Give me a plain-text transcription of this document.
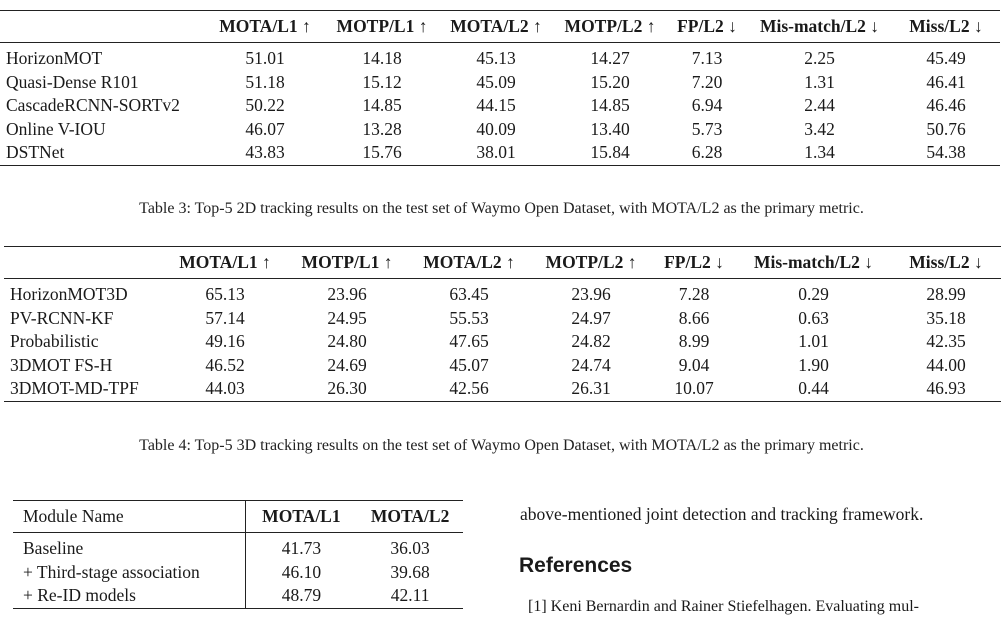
	MOTA/L1 ↑	MOTP/L1 ↑	MOTA/L2 ↑	MOTP/L2 ↑	FP/L2 ↓	Mis-match/L2 ↓	Miss/L2 ↓
HorizonMOT	51.01	14.18	45.13	14.27	7.13	2.25	45.49
Quasi-Dense R101	51.18	15.12	45.09	15.20	7.20	1.31	46.41
CascadeRCNN-SORTv2	50.22	14.85	44.15	14.85	6.94	2.44	46.46
Online V-IOU	46.07	13.28	40.09	13.40	5.73	3.42	50.76
DSTNet	43.83	15.76	38.01	15.84	6.28	1.34	54.38
Table 3: Top-5 2D tracking results on the test set of Waymo Open Dataset, with MOTA/L2 as the primary metric.
	MOTA/L1 ↑	MOTP/L1 ↑	MOTA/L2 ↑	MOTP/L2 ↑	FP/L2 ↓	Mis-match/L2 ↓	Miss/L2 ↓
HorizonMOT3D	65.13	23.96	63.45	23.96	7.28	0.29	28.99
PV-RCNN-KF	57.14	24.95	55.53	24.97	8.66	0.63	35.18
Probabilistic	49.16	24.80	47.65	24.82	8.99	1.01	42.35
3DMOT FS-H	46.52	24.69	45.07	24.74	9.04	1.90	44.00
3DMOT-MD-TPF	44.03	26.30	42.56	26.31	10.07	0.44	46.93
Table 4: Top-5 3D tracking results on the test set of Waymo Open Dataset, with MOTA/L2 as the primary metric.
Module Name	MOTA/L1	MOTA/L2
Baseline	41.73	36.03
+ Third-stage association	46.10	39.68
+ Re-ID models	48.79	42.11
above-mentioned joint detection and tracking framework.
References
[1] Keni Bernardin and Rainer Stiefelhagen. Evaluating mul-
